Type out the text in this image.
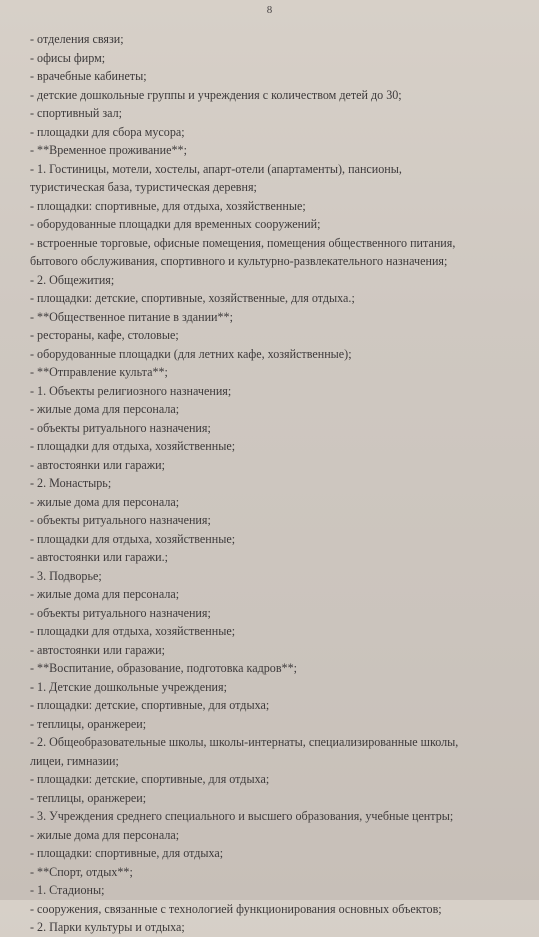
8
- отделения связи;
- офисы фирм;
- врачебные кабинеты;
- детские дошкольные группы и учреждения с количеством детей до 30;
- спортивный зал;
- площадки для сбора мусора;
- **Временное проживание**;
- 1. Гостиницы, мотели, хостелы, апарт-отели (апартаменты), пансионы,
туристическая база, туристическая деревня;
- площадки: спортивные, для отдыха, хозяйственные;
- оборудованные площадки для временных сооружений;
- встроенные торговые, офисные помещения, помещения общественного питания,
бытового обслуживания, спортивного и культурно-развлекательного назначения;
- 2. Общежития;
- площадки: детские, спортивные, хозяйственные, для отдыха.;
- **Общественное питание в здании**;
- рестораны, кафе, столовые;
- оборудованные площадки (для летних кафе, хозяйственные);
- **Отправление культа**;
- 1. Объекты религиозного назначения;
- жилые дома для персонала;
- объекты ритуального назначения;
- площадки для отдыха, хозяйственные;
- автостоянки или гаражи;
- 2. Монастырь;
- жилые дома для персонала;
- объекты ритуального назначения;
- площадки для отдыха, хозяйственные;
- автостоянки или гаражи.;
- 3. Подворье;
- жилые дома для персонала;
- объекты ритуального назначения;
- площадки для отдыха, хозяйственные;
- автостоянки или гаражи;
- **Воспитание, образование, подготовка кадров**;
- 1. Детские дошкольные учреждения;
- площадки: детские, спортивные, для отдыха;
- теплицы, оранжереи;
- 2. Общеобразовательные школы, школы-интернаты, специализированные школы,
лицеи, гимназии;
- площадки: детские, спортивные, для отдыха;
- теплицы, оранжереи;
- 3. Учреждения среднего специального и высшего образования, учебные центры;
- жилые дома для персонала;
- площадки: спортивные, для отдыха;
- **Спорт, отдых**;
- 1. Стадионы;
- сооружения, связанные с технологией функционирования основных объектов;
- 2. Парки культуры и отдыха;
